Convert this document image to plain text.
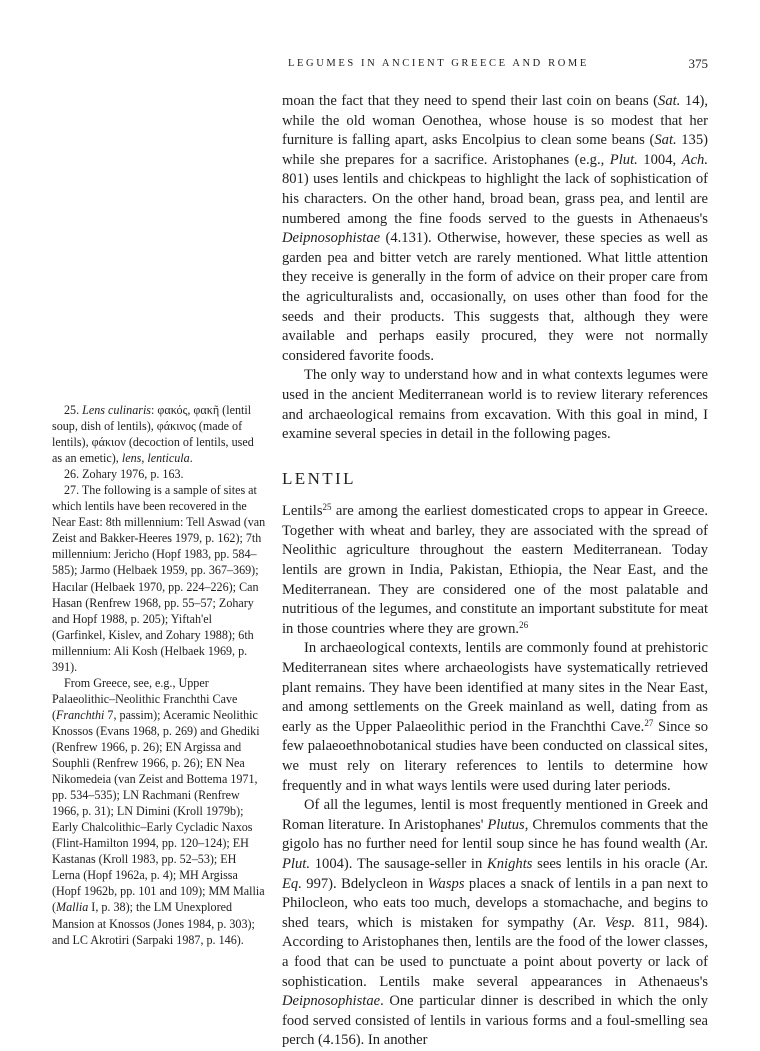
LEGUMES IN ANCIENT GREECE AND ROME	375

moan the fact that they need to spend their last coin on beans (Sat. 14), while the old woman Oenothea, whose house is so modest that her furniture is falling apart, asks Encolpius to clean some beans (Sat. 135) while she prepares for a sacrifice. Aristophanes (e.g., Plut. 1004, Ach. 801) uses lentils and chickpeas to highlight the lack of sophistication of his characters. On the other hand, broad bean, grass pea, and lentil are numbered among the fine foods served to the guests in Athenaeus's Deipnosophistae (4.131). Otherwise, however, these species as well as garden pea and bitter vetch are rarely mentioned. What little attention they receive is generally in the form of advice on their proper care from the agriculturalists and, occasionally, on uses other than food for the seeds and their products. This suggests that, although they were available and perhaps easily procured, they were not normally considered favorite foods.

The only way to understand how and in what contexts legumes were used in the ancient Mediterranean world is to review literary references and archaeological remains from excavation. With this goal in mind, I examine several species in detail in the following pages.

LENTIL

Lentils$^{25}$ are among the earliest domesticated crops to appear in Greece. Together with wheat and barley, they are associated with the spread of Neolithic agriculture throughout the eastern Mediterranean. Today lentils are grown in India, Pakistan, Ethiopia, the Near East, and the Mediterranean. They are considered one of the most palatable and nutritious of the legumes, and constitute an important substitute for meat in those countries where they are grown.$^{26}$

In archaeological contexts, lentils are commonly found at prehistoric Mediterranean sites where archaeologists have systematically retrieved plant remains. They have been identified at many sites in the Near East, and among settlements on the Greek mainland as well, dating from as early as the Upper Palaeolithic period in the Franchthi Cave.$^{27}$ Since so few palaeoethnobotanical studies have been conducted on classical sites, we must rely on literary references to lentils to determine how frequently and in what ways lentils were used during later periods.

Of all the legumes, lentil is most frequently mentioned in Greek and Roman literature. In Aristophanes' Plutus, Chremulos comments that the gigolo has no further need for lentil soup since he has found wealth (Ar. Plut. 1004). The sausage-seller in Knights sees lentils in his oracle (Ar. Eq. 997). Bdelycleon in Wasps places a snack of lentils in a pan next to Philocleon, who eats too much, develops a stomachache, and begins to shed tears, which is mistaken for sympathy (Ar. Vesp. 811, 984). According to Aristophanes then, lentils are the food of the lower classes, a food that can be used to punctuate a point about poverty or lack of sophistication. Lentils make several appearances in Athenaeus's Deipnosophistae. One particular dinner is described in which the only food served consisted of lentils in various forms and a foul-smelling sea perch (4.156). In another

25. Lens culinaris: φακός, φακῆ (lentil soup, dish of lentils), φάκινος (made of lentils), φάκιον (decoction of lentils, used as an emetic), lens, lenticula.

26. Zohary 1976, p. 163.

27. The following is a sample of sites at which lentils have been recovered in the Near East: 8th millennium: Tell Aswad (van Zeist and Bakker-Heeres 1979, p. 162); 7th millennium: Jericho (Hopf 1983, pp. 584–585); Jarmo (Helbaek 1959, pp. 367–369); Hacılar (Helbaek 1970, pp. 224–226); Can Hasan (Renfrew 1968, pp. 55–57; Zohary and Hopf 1988, p. 205); Yiftah'el (Garfinkel, Kislev, and Zohary 1988); 6th millennium: Ali Kosh (Helbaek 1969, p. 391).

From Greece, see, e.g., Upper Palaeolithic–Neolithic Franchthi Cave (Franchthi 7, passim); Aceramic Neolithic Knossos (Evans 1968, p. 269) and Ghediki (Renfrew 1966, p. 26); EN Argissa and Souphli (Renfrew 1966, p. 26); EN Nea Nikomedeia (van Zeist and Bottema 1971, pp. 534–535); LN Rachmani (Renfrew 1966, p. 31); LN Dimini (Kroll 1979b); Early Chalcolithic–Early Cycladic Naxos (Flint-Hamilton 1994, pp. 120–124); EH Kastanas (Kroll 1983, pp. 52–53); EH Lerna (Hopf 1962a, p. 4); MH Argissa (Hopf 1962b, pp. 101 and 109); MM Mallia (Mallia I, p. 38); the LM Unexplored Mansion at Knossos (Jones 1984, p. 303); and LC Akrotiri (Sarpaki 1987, p. 146).
